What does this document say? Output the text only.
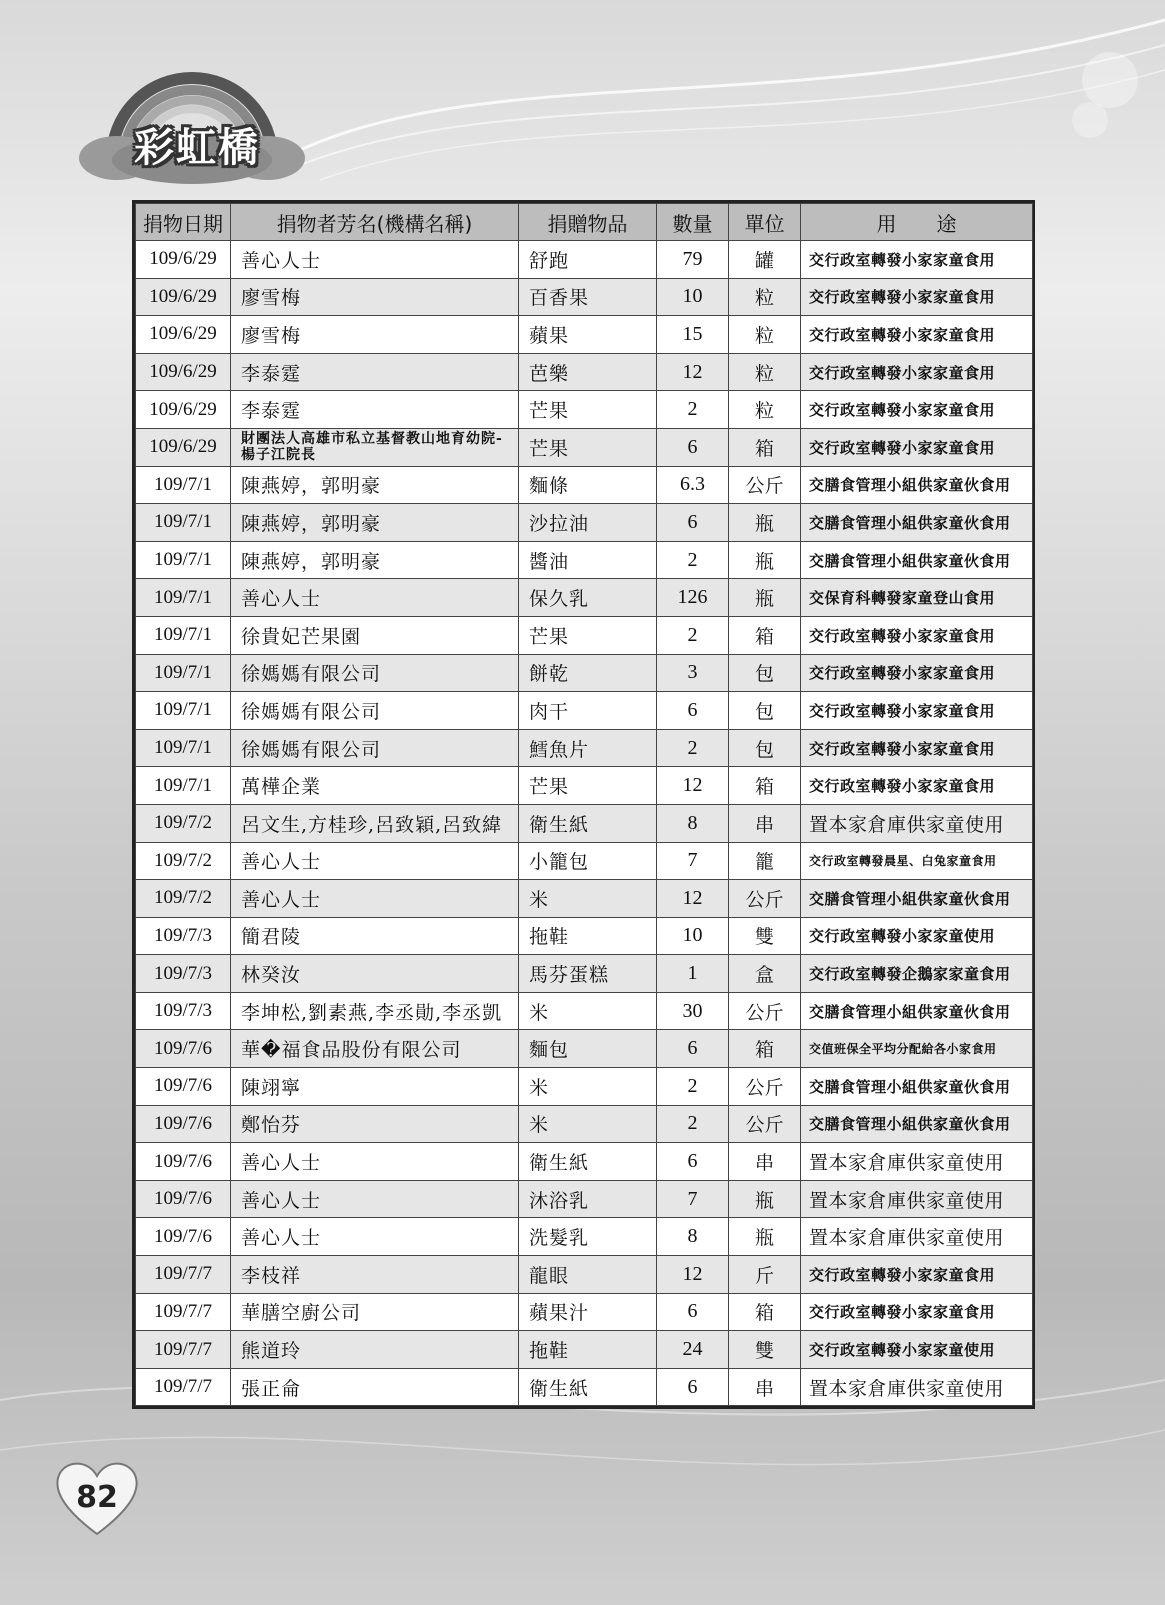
彩虹橋
捐物日期	捐物者芳名(機構名稱)	捐贈物品	數量	單位	用　　途
109/6/29	善心人士	舒跑	79	罐	交行政室轉發小家家童食用
109/6/29	廖雪梅	百香果	10	粒	交行政室轉發小家家童食用
109/6/29	廖雪梅	蘋果	15	粒	交行政室轉發小家家童食用
109/6/29	李泰霆	芭樂	12	粒	交行政室轉發小家家童食用
109/6/29	李泰霆	芒果	2	粒	交行政室轉發小家家童食用
109/6/29	財團法人高雄市私立基督教山地育幼院-楊子江院長	芒果	6	箱	交行政室轉發小家家童食用
109/7/1	陳燕婷，郭明豪	麵條	6.3	公斤	交膳食管理小組供家童伙食用
109/7/1	陳燕婷，郭明豪	沙拉油	6	瓶	交膳食管理小組供家童伙食用
109/7/1	陳燕婷，郭明豪	醬油	2	瓶	交膳食管理小組供家童伙食用
109/7/1	善心人士	保久乳	126	瓶	交保育科轉發家童登山食用
109/7/1	徐貴妃芒果園	芒果	2	箱	交行政室轉發小家家童食用
109/7/1	徐媽媽有限公司	餅乾	3	包	交行政室轉發小家家童食用
109/7/1	徐媽媽有限公司	肉干	6	包	交行政室轉發小家家童食用
109/7/1	徐媽媽有限公司	鱈魚片	2	包	交行政室轉發小家家童食用
109/7/1	萬樺企業	芒果	12	箱	交行政室轉發小家家童食用
109/7/2	呂文生,方桂珍,呂致穎,呂致緯	衛生紙	8	串	置本家倉庫供家童使用
109/7/2	善心人士	小籠包	7	籠	交行政室轉發晨星、白兔家童食用
109/7/2	善心人士	米	12	公斤	交膳食管理小組供家童伙食用
109/7/3	簡君陵	拖鞋	10	雙	交行政室轉發小家家童使用
109/7/3	林癸汝	馬芬蛋糕	1	盒	交行政室轉發企鵝家家童食用
109/7/3	李坤松,劉素燕,李丞勛,李丞凱	米	30	公斤	交膳食管理小組供家童伙食用
109/7/6	華�福食品股份有限公司	麵包	6	箱	交值班保全平均分配給各小家食用
109/7/6	陳翊寧	米	2	公斤	交膳食管理小組供家童伙食用
109/7/6	鄭怡芬	米	2	公斤	交膳食管理小組供家童伙食用
109/7/6	善心人士	衛生紙	6	串	置本家倉庫供家童使用
109/7/6	善心人士	沐浴乳	7	瓶	置本家倉庫供家童使用
109/7/6	善心人士	洗髮乳	8	瓶	置本家倉庫供家童使用
109/7/7	李枝祥	龍眼	12	斤	交行政室轉發小家家童食用
109/7/7	華膳空廚公司	蘋果汁	6	箱	交行政室轉發小家家童食用
109/7/7	熊道玲	拖鞋	24	雙	交行政室轉發小家家童使用
109/7/7	張正侖	衛生紙	6	串	置本家倉庫供家童使用
82
